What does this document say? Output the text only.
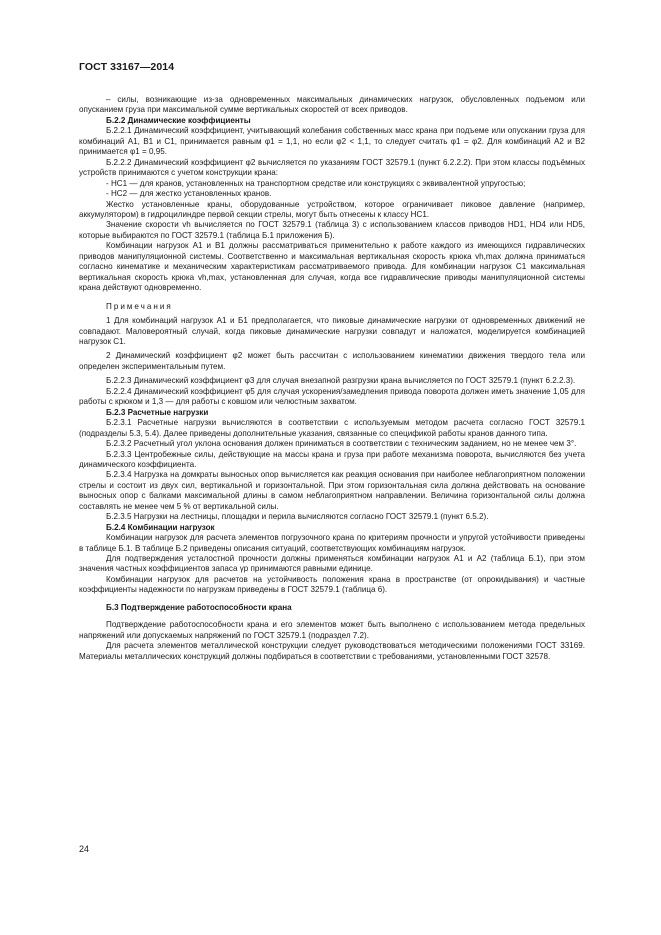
ГОСТ 33167—2014

– силы, возникающие из-за одновременных максимальных динамических нагрузок, обусловленных подъемом или опусканием груза при максимальной сумме вертикальных скоростей от всех приводов.

Б.2.2 Динамические коэффициенты

Б.2.2.1 Динамический коэффициент, учитывающий колебания собственных масс крана при подъеме или опускании груза для комбинаций А1, В1 и С1, принимается равным φ1 = 1,1, но если φ2 < 1,1, то следует считать φ1 = φ2. Для комбинаций А2 и В2 принимается φ1 = 0,95.

Б.2.2.2 Динамический коэффициент φ2 вычисляется по указаниям ГОСТ 32579.1 (пункт 6.2.2.2). При этом классы подъёмных устройств принимаются с учетом конструкции крана:

- НС1 — для кранов, установленных на транспортном средстве или конструкциях с эквивалентной упругостью;

- НС2 — для жестко установленных кранов.

Жестко установленные краны, оборудованные устройством, которое ограничивает пиковое давление (например, аккумулятором) в гидроцилиндре первой секции стрелы, могут быть отнесены к классу НС1.

Значение скорости vh вычисляется по ГОСТ 32579.1 (таблица 3) с использованием классов приводов HD1, HD4 или HD5, которые выбираются по ГОСТ 32579.1 (таблица Б.1 приложения Б).

Комбинации нагрузок А1 и В1 должны рассматриваться применительно к работе каждого из имеющихся гидравлических приводов манипуляционной системы. Соответственно и максимальная вертикальная скорость крюка vh,max должна приниматься согласно кинематике и механическим характеристикам рассматриваемого привода. Для комбинации нагрузок С1 максимальная вертикальная скорость крюка vh,max, установленная для случая, когда все гидравлические приводы манипуляционной системы крана действуют одновременно.

Примечания

1 Для комбинаций нагрузок А1 и Б1 предполагается, что пиковые динамические нагрузки от одновременных движений не совпадают. Маловероятный случай, когда пиковые динамические нагрузки совпадут и наложатся, моделируется комбинацией нагрузок С1.

2 Динамический коэффициент φ2 может быть рассчитан с использованием кинематики движения твердого тела или определен экспериментальным путем.

Б.2.2.3 Динамический коэффициент φ3 для случая внезапной разгрузки крана вычисляется по ГОСТ 32579.1 (пункт 6.2.2.3).

Б.2.2.4 Динамический коэффициент φ5 для случая ускорения/замедления привода поворота должен иметь значение 1,05 для работы с крюком и 1,3 — для работы с ковшом или челюстным захватом.

Б.2.3 Расчетные нагрузки

Б.2.3.1 Расчетные нагрузки вычисляются в соответствии с используемым методом расчета согласно ГОСТ 32579.1 (подразделы 5.3, 5.4). Далее приведены дополнительные указания, связанные со спецификой работы кранов данного типа.

Б.2.3.2 Расчетный угол уклона основания должен приниматься в соответствии с техническим заданием, но не менее чем 3°.

Б.2.3.3 Центробежные силы, действующие на массы крана и груза при работе механизма поворота, вычисляются без учета динамического коэффициента.

Б.2.3.4 Нагрузка на домкраты выносных опор вычисляется как реакция основания при наиболее неблагоприятном положении стрелы и состоит из двух сил, вертикальной и горизонтальной. При этом горизонтальная сила должна действовать на основание выносных опор с балками максимальной длины в самом неблагоприятном направлении. Величина горизонтальной силы должна составлять не менее чем 5 % от вертикальной силы.

Б.2.3.5 Нагрузки на лестницы, площадки и перила вычисляются согласно ГОСТ 32579.1 (пункт 6.5.2).

Б.2.4 Комбинации нагрузок

Комбинации нагрузок для расчета элементов погрузочного крана по критериям прочности и упругой устойчивости приведены в таблице Б.1. В таблице Б.2 приведены описания ситуаций, соответствующих комбинациям нагрузок.

Для подтверждения усталостной прочности должны применяться комбинации нагрузок А1 и А2 (таблица Б.1), при этом значения частных коэффициентов запаса γp принимаются равными единице.

Комбинации нагрузок для расчетов на устойчивость положения крана в пространстве (от опрокидывания) и частные коэффициенты надежности по нагрузкам приведены в ГОСТ 32579.1 (таблица 6).

Б.3 Подтверждение работоспособности крана

Подтверждение работоспособности крана и его элементов может быть выполнено с использованием метода предельных напряжений или допускаемых напряжений по ГОСТ 32579.1 (подраздел 7.2).

Для расчета элементов металлической конструкции следует руководствоваться методическими положениями ГОСТ 33169. Материалы металлических конструкций должны подбираться в соответствии с требованиями, установленными ГОСТ 32578.

24
